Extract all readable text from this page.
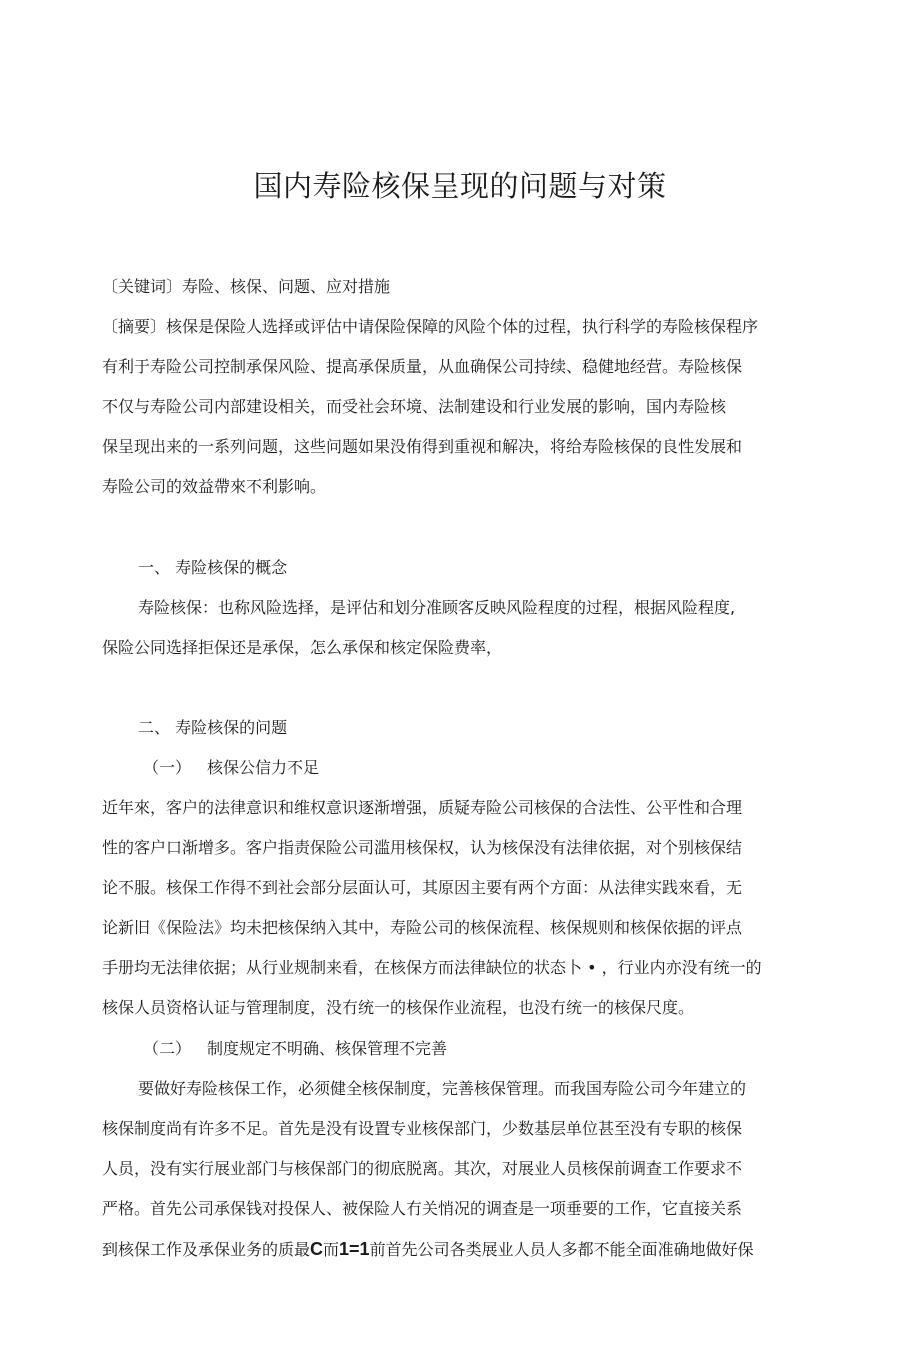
国内寿险核保呈现的问题与对策

〔关键词〕寿险、核保、问题、应对措施

〔摘要〕核保是保险人选择或评估中请保险保障的风险个体的过程，执行科学的寿险核保程序

有利于寿险公司控制承保风险、提高承保质量，从血确保公司持续、稳健地经营。寿险核保

不仅与寿险公司内部建设相关，而受社会环境、法制建设和行业发展的影响，国内寿险核

保呈现出来的一系列问题，这些问题如果没侑得到重视和解决，将给寿险核保的良性发展和

寿险公司的效益帶來不利影响。

一、 寿险核保的概念

寿险核保：也称风险选择，是评估和划分准顾客反映风险程度的过程，根据风险程度,

保险公同选择拒保还是承保，怎么承保和核定保险费率，

二、 寿险核保的问题

（一） 核保公信力不足

近年來，客户的法律意识和维权意识逐渐增强，质疑寿险公司核保的合法性、公平性和合理

性的客户口渐增多。客户指责保险公司滥用核保权，认为核保没有法律依据，对个别核保结

论不服。核保工作得不到社会部分层面认可，其原因主要有两个方面：从法律实践來看，无

论新旧《保险法》均未把核保纳入其中，寿险公司的核保流程、核保规则和核保依据的评点

手册均无法律依据；从行业规制来看，在核保方而法律缺位的状态卜 • ，行业内亦没有统一的

核保人员资格认证与管理制度，没冇统一的核保作业流程，也没冇统一的核保尺度。

（二） 制度规定不明确、核保管理不完善

要做好寿险核保工作，必须健全核保制度，完善核保管理。而我国寿险公司今年建立的

核保制度尚有许多不足。首先是没有设置专业核保部门，少数基层单位甚至没有专职的核保

人员，没有实行展业部门与核保部门的彻底脱离。其次，对展业人员核保前调查工作要求不

严格。首先公司承保钱对投保人、被保险人冇关悄况的调查是一项垂要的工作，它直接关系

到核保工作及承保业务的质最C而1=1前首先公司各类展业人员人多都不能全面准确地做好保
